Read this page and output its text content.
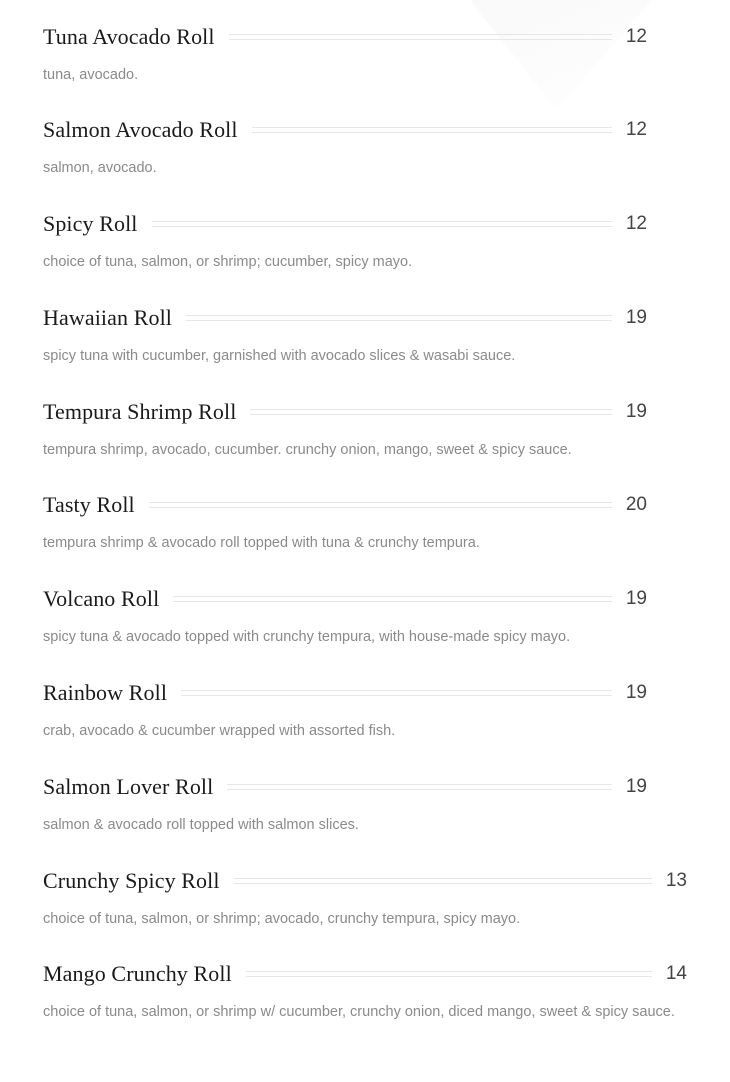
Tuna Avocado Roll	12
tuna, avocado.
Salmon Avocado Roll	12
salmon, avocado.
Spicy Roll	12
choice of tuna, salmon, or shrimp; cucumber, spicy mayo.
Hawaiian Roll	19
spicy tuna with cucumber, garnished with avocado slices & wasabi sauce.
Tempura Shrimp Roll	19
tempura shrimp, avocado, cucumber. crunchy onion, mango, sweet & spicy sauce.
Tasty Roll	20
tempura shrimp & avocado roll topped with tuna & crunchy tempura.
Volcano Roll	19
spicy tuna & avocado topped with crunchy tempura, with house-made spicy mayo.
Rainbow Roll	19
crab, avocado & cucumber wrapped with assorted fish.
Salmon Lover Roll	19
salmon & avocado roll topped with salmon slices.
Crunchy Spicy Roll	13
choice of tuna, salmon, or shrimp; avocado, crunchy tempura, spicy mayo.
Mango Crunchy Roll	14
choice of tuna, salmon, or shrimp w/ cucumber, crunchy onion, diced mango, sweet & spicy sauce.
